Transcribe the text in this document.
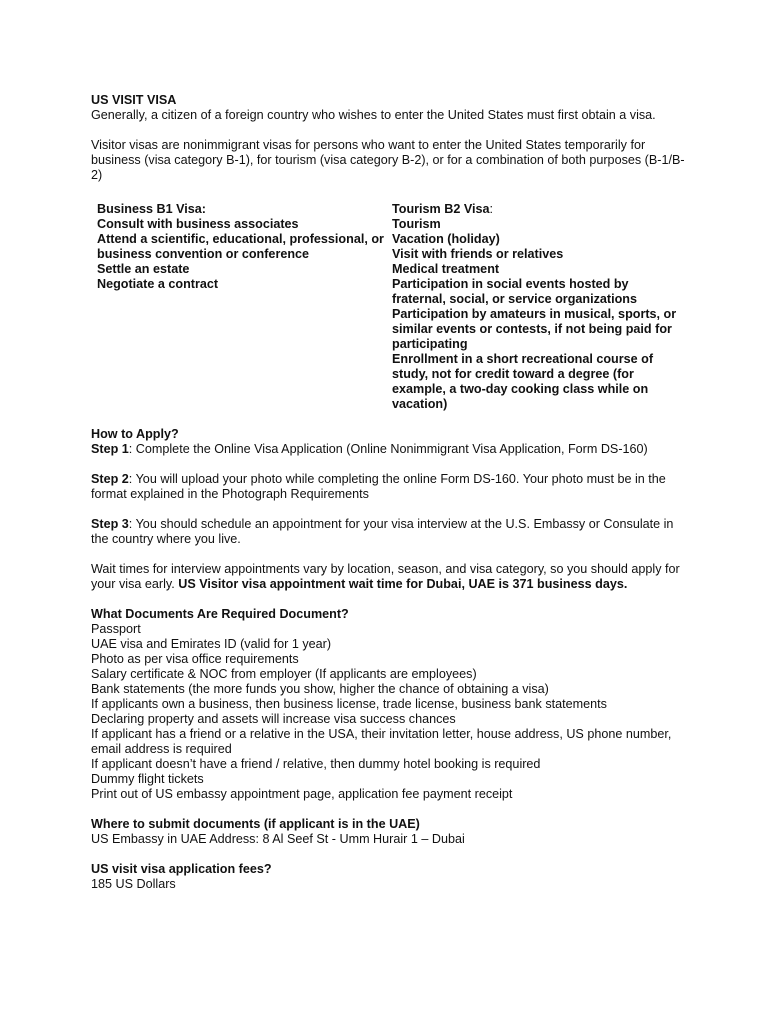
US VISIT VISA

Generally, a citizen of a foreign country who wishes to enter the United States must first obtain a visa.

Visitor visas are nonimmigrant visas for persons who want to enter the United States temporarily for business (visa category B-1), for tourism (visa category B-2), or for a combination of both purposes (B-1/B-2)

Business B1 Visa:
Consult with business associates
Attend a scientific, educational, professional, or business convention or conference
Settle an estate
Negotiate a contract
Tourism B2 Visa:
Tourism
Vacation (holiday)
Visit with friends or relatives
Medical treatment
Participation in social events hosted by fraternal, social, or service organizations
Participation by amateurs in musical, sports, or similar events or contests, if not being paid for participating
Enrollment in a short recreational course of study, not for credit toward a degree (for example, a two-day cooking class while on vacation)

How to Apply?

Step 1: Complete the Online Visa Application (Online Nonimmigrant Visa Application, Form DS-160)

Step 2: You will upload your photo while completing the online Form DS-160. Your photo must be in the format explained in the Photograph Requirements

Step 3: You should schedule an appointment for your visa interview at the U.S. Embassy or Consulate in the country where you live.

Wait times for interview appointments vary by location, season, and visa category, so you should apply for your visa early. US Visitor visa appointment wait time for Dubai, UAE is 371 business days.

What Documents Are Required Document?

Passport
UAE visa and Emirates ID (valid for 1 year)
Photo as per visa office requirements
Salary certificate & NOC from employer (If applicants are employees)
Bank statements (the more funds you show, higher the chance of obtaining a visa)
If applicants own a business, then business license, trade license, business bank statements
Declaring property and assets will increase visa success chances
If applicant has a friend or a relative in the USA, their invitation letter, house address, US phone number, email address is required
If applicant doesn’t have a friend / relative, then dummy hotel booking is required
Dummy flight tickets
Print out of US embassy appointment page, application fee payment receipt

Where to submit documents (if applicant is in the UAE)

US Embassy in UAE Address: 8 Al Seef St - Umm Hurair 1 – Dubai

US visit visa application fees?

185 US Dollars
